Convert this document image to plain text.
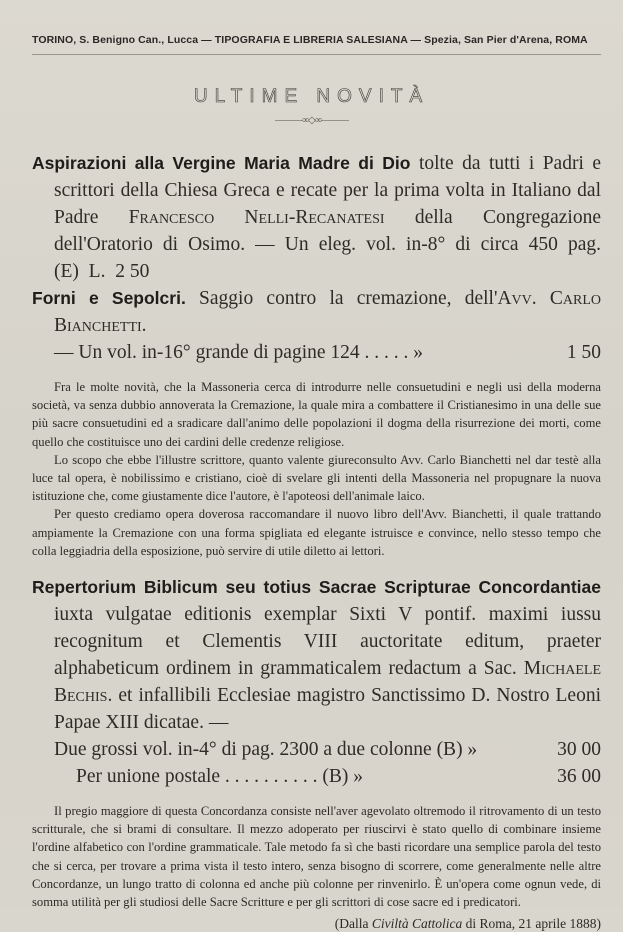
TORINO, S. Benigno Can., Lucca — TIPOGRAFIA E LIBRERIA SALESIANA — Spezia, San Pier d'Arena, ROMA
ULTIME NOVITÀ
———∞◇∞———

Aspirazioni alla Vergine Maria Madre di Dio tolte da tutti i Padri e scrittori della Chiesa Greca e recate per la prima volta in Italiano dal Padre Francesco Nelli-Recanatesi della Congregazione dell'Oratorio di Osimo. — Un eleg. vol. in-8° di circa 450 pag. (E) L. 2 50

Forni e Sepolcri. Saggio contro la cremazione, dell'Avv. Carlo Bianchetti.

— Un vol. in-16° grande di pagine 124 . . . . . »	1 50

Fra le molte novità, che la Massoneria cerca di introdurre nelle consuetudini e negli usi della moderna società, va senza dubbio annoverata la Cremazione, la quale mira a combattere il Cristianesimo in una delle sue più sacre consuetudini ed a sradicare dall'animo delle popolazioni il dogma della risurrezione dei morti, come quello che costituisce uno dei cardini delle credenze religiose.

Lo scopo che ebbe l'illustre scrittore, quanto valente giureconsulto Avv. Carlo Bianchetti nel dar testè alla luce tal opera, è nobilissimo e cristiano, cioè di svelare gli intenti della Massoneria nel propugnare la nuova istituzione che, come giustamente dice l'autore, è l'apoteosi dell'animale laico.

Per questo crediamo opera doverosa raccomandare il nuovo libro dell'Avv. Bianchetti, il quale trattando ampiamente la Cremazione con una forma spigliata ed elegante istruisce e convince, nello stesso tempo che colla leggiadria della esposizione, può servire di utile diletto ai lettori.

Repertorium Biblicum seu totius Sacrae Scripturae Concordantiae iuxta vulgatae editionis exemplar Sixti V pontif. maximi iussu recognitum et Clementis VIII auctoritate editum, praeter alphabeticum ordinem in grammaticalem redactum a Sac. Michaele Bechis. et infallibili Ecclesiae magistro Sanctissimo D. Nostro Leoni Papae XIII dicatae. —

Due grossi vol. in-4° di pag. 2300 a due colonne (B) »	30 00
Per unione postale . . . . . . . . . . (B) »	36 00

Il pregio maggiore di questa Concordanza consiste nell'aver agevolato oltremodo il ritrovamento di un testo scritturale, che si brami di consultare. Il mezzo adoperato per riuscirvi è stato quello di combinare insieme l'ordine alfabetico con l'ordine grammaticale. Tale metodo fa sì che basti ricordare una semplice parola del testo che si cerca, per trovare a prima vista il testo intero, senza bisogno di scorrere, come generalmente nelle altre Concordanze, un lungo tratto di colonna ed anche più colonne per rinvenirlo. È un'opera come ognun vede, di somma utilità per gli studiosi delle Sacre Scritture e per gli scrittori di cose sacre ed i predicatori.

(Dalla Civiltà Cattolica di Roma, 21 aprile 1888)
